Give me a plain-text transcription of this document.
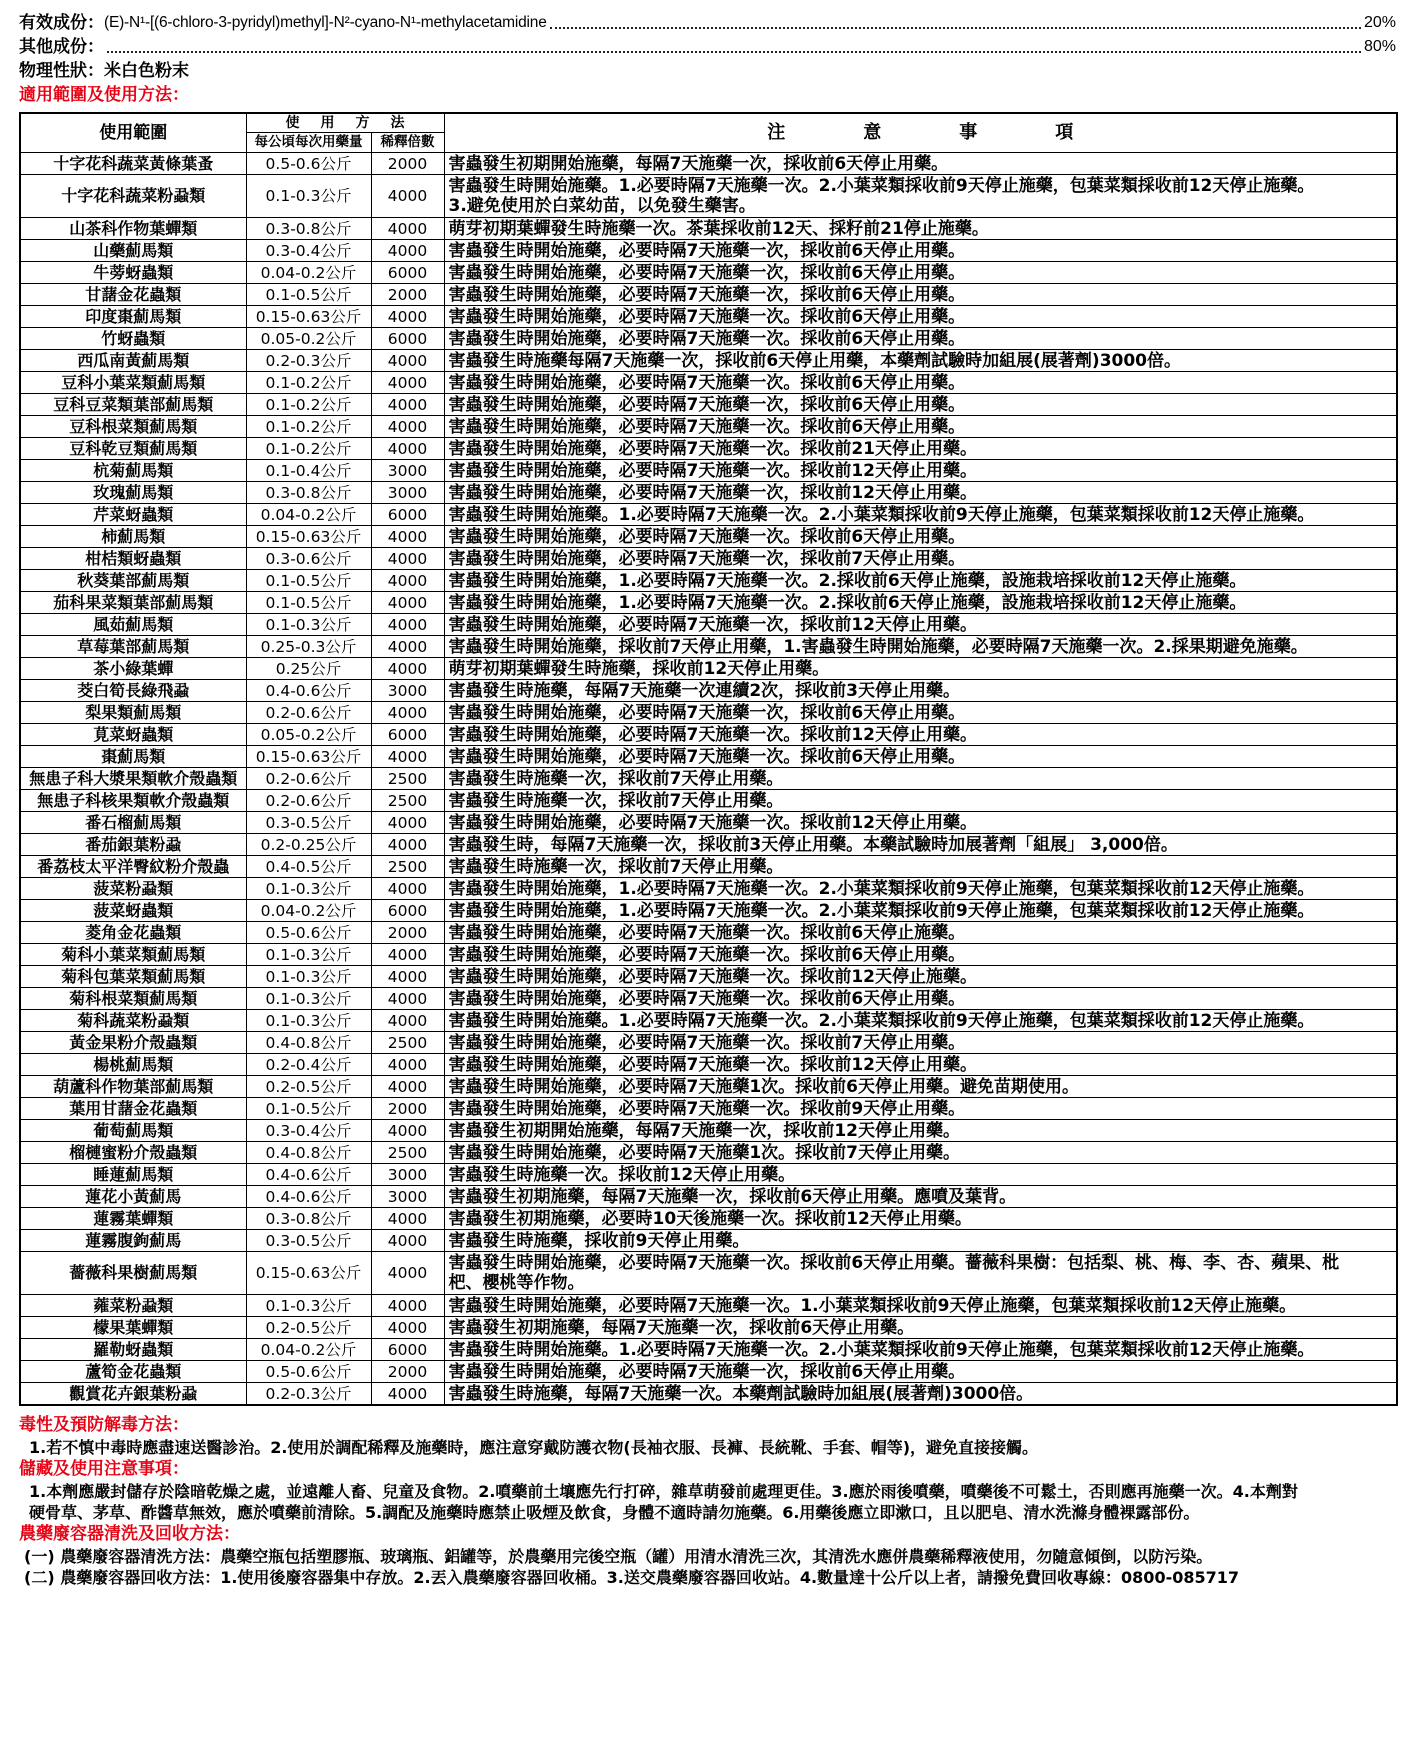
有效成份： (E)-N¹-[(6-chloro-3-pyridyl)methyl]-N²-cyano-N¹-methylacetamidine	20%
其他成份：	80%
物理性狀： 米白色粉末
適用範圍及使用方法：
使用範圍	使用方法		注意事項
	每公頃每次用藥量	稀釋倍數	
十字花科蔬菜黃條葉蚤	0.5-0.6公斤	2000	害蟲發生初期開始施藥，每隔7天施藥一次，採收前6天停止用藥。

十字花科蔬菜粉蝨類	0.1-0.3公斤	4000	害蟲發生時開始施藥。1.必要時隔7天施藥一次。2.小葉菜類採收前9天停止施藥，包葉菜類採收前12天停止施藥。
3.避免使用於白菜幼苗，以免發生藥害。

山茶科作物葉蟬類	0.3-0.8公斤	4000	萌芽初期葉蟬發生時施藥一次。茶葉採收前12天、採籽前21停止施藥。

山藥薊馬類	0.3-0.4公斤	4000	害蟲發生時開始施藥，必要時隔7天施藥一次，採收前6天停止用藥。

牛蒡蚜蟲類	0.04-0.2公斤	6000	害蟲發生時開始施藥，必要時隔7天施藥一次，採收前6天停止用藥。

甘藷金花蟲類	0.1-0.5公斤	2000	害蟲發生時開始施藥，必要時隔7天施藥一次，採收前6天停止用藥。

印度棗薊馬類	0.15-0.63公斤	4000	害蟲發生時開始施藥，必要時隔7天施藥一次。採收前6天停止用藥。

竹蚜蟲類	0.05-0.2公斤	6000	害蟲發生時開始施藥，必要時隔7天施藥一次。採收前6天停止用藥。

西瓜南黃薊馬類	0.2-0.3公斤	4000	害蟲發生時施藥每隔7天施藥一次，採收前6天停止用藥，本藥劑試驗時加組展(展著劑)3000倍。

豆科小葉菜類薊馬類	0.1-0.2公斤	4000	害蟲發生時開始施藥，必要時隔7天施藥一次。採收前6天停止用藥。

豆科豆菜類葉部薊馬類	0.1-0.2公斤	4000	害蟲發生時開始施藥，必要時隔7天施藥一次，採收前6天停止用藥。

豆科根菜類薊馬類	0.1-0.2公斤	4000	害蟲發生時開始施藥，必要時隔7天施藥一次。採收前6天停止用藥。

豆科乾豆類薊馬類	0.1-0.2公斤	4000	害蟲發生時開始施藥，必要時隔7天施藥一次。採收前21天停止用藥。

杭菊薊馬類	0.1-0.4公斤	3000	害蟲發生時開始施藥，必要時隔7天施藥一次。採收前12天停止用藥。

玫瑰薊馬類	0.3-0.8公斤	3000	害蟲發生時開始施藥，必要時隔7天施藥一次，採收前12天停止用藥。

芹菜蚜蟲類	0.04-0.2公斤	6000	害蟲發生時開始施藥。1.必要時隔7天施藥一次。2.小葉菜類採收前9天停止施藥，包葉菜類採收前12天停止施藥。

柿薊馬類	0.15-0.63公斤	4000	害蟲發生時開始施藥，必要時隔7天施藥一次。採收前6天停止用藥。

柑桔類蚜蟲類	0.3-0.6公斤	4000	害蟲發生時開始施藥，必要時隔7天施藥一次，採收前7天停止用藥。

秋葵葉部薊馬類	0.1-0.5公斤	4000	害蟲發生時開始施藥，1.必要時隔7天施藥一次。2.採收前6天停止施藥，設施栽培採收前12天停止施藥。

茄科果菜類葉部薊馬類	0.1-0.5公斤	4000	害蟲發生時開始施藥，1.必要時隔7天施藥一次。2.採收前6天停止施藥，設施栽培採收前12天停止施藥。

風茹薊馬類	0.1-0.3公斤	4000	害蟲發生時開始施藥，必要時隔7天施藥一次，採收前12天停止用藥。

草莓葉部薊馬類	0.25-0.3公斤	4000	害蟲發生時開始施藥，採收前7天停止用藥，1.害蟲發生時開始施藥，必要時隔7天施藥一次。2.採果期避免施藥。

茶小綠葉蟬	0.25公斤	4000	萌芽初期葉蟬發生時施藥，採收前12天停止用藥。

茭白筍長綠飛蝨	0.4-0.6公斤	3000	害蟲發生時施藥，每隔7天施藥一次連續2次，採收前3天停止用藥。

梨果類薊馬類	0.2-0.6公斤	4000	害蟲發生時開始施藥，必要時隔7天施藥一次，採收前6天停止用藥。

莧菜蚜蟲類	0.05-0.2公斤	6000	害蟲發生時開始施藥，必要時隔7天施藥一次。採收前12天停止用藥。

棗薊馬類	0.15-0.63公斤	4000	害蟲發生時開始施藥，必要時隔7天施藥一次。採收前6天停止用藥。

無患子科大漿果類軟介殼蟲類	0.2-0.6公斤	2500	害蟲發生時施藥一次，採收前7天停止用藥。

無患子科核果類軟介殼蟲類	0.2-0.6公斤	2500	害蟲發生時施藥一次，採收前7天停止用藥。

番石榴薊馬類	0.3-0.5公斤	4000	害蟲發生時開始施藥，必要時隔7天施藥一次。採收前12天停止用藥。

番茄銀葉粉蝨	0.2-0.25公斤	4000	害蟲發生時，每隔7天施藥一次，採收前3天停止用藥。本藥試驗時加展著劑「組展」 3,000倍。

番荔枝太平洋臀紋粉介殼蟲	0.4-0.5公斤	2500	害蟲發生時施藥一次，採收前7天停止用藥。

菠菜粉蝨類	0.1-0.3公斤	4000	害蟲發生時開始施藥，1.必要時隔7天施藥一次。2.小葉菜類採收前9天停止施藥，包葉菜類採收前12天停止施藥。

菠菜蚜蟲類	0.04-0.2公斤	6000	害蟲發生時開始施藥，1.必要時隔7天施藥一次。2.小葉菜類採收前9天停止施藥，包葉菜類採收前12天停止施藥。

菱角金花蟲類	0.5-0.6公斤	2000	害蟲發生時開始施藥，必要時隔7天施藥一次。採收前6天停止施藥。

菊科小葉菜類薊馬類	0.1-0.3公斤	4000	害蟲發生時開始施藥，必要時隔7天施藥一次。採收前6天停止用藥。

菊科包葉菜類薊馬類	0.1-0.3公斤	4000	害蟲發生時開始施藥，必要時隔7天施藥一次。採收前12天停止施藥。

菊科根菜類薊馬類	0.1-0.3公斤	4000	害蟲發生時開始施藥，必要時隔7天施藥一次。採收前6天停止用藥。

菊科蔬菜粉蝨類	0.1-0.3公斤	4000	害蟲發生時開始施藥。1.必要時隔7天施藥一次。2.小葉菜類採收前9天停止施藥，包葉菜類採收前12天停止施藥。

黃金果粉介殼蟲類	0.4-0.8公斤	2500	害蟲發生時開始施藥，必要時隔7天施藥一次。採收前7天停止用藥。

楊桃薊馬類	0.2-0.4公斤	4000	害蟲發生時開始施藥，必要時隔7天施藥一次。採收前12天停止用藥。

葫蘆科作物葉部薊馬類	0.2-0.5公斤	4000	害蟲發生時開始施藥，必要時隔7天施藥1次。採收前6天停止用藥。避免苗期使用。

葉用甘藷金花蟲類	0.1-0.5公斤	2000	害蟲發生時開始施藥，必要時隔7天施藥一次。採收前9天停止用藥。

葡萄薊馬類	0.3-0.4公斤	4000	害蟲發生初期開始施藥，每隔7天施藥一次，採收前12天停止用藥。

榴槤蜜粉介殼蟲類	0.4-0.8公斤	2500	害蟲發生時開始施藥，必要時隔7天施藥1次。採收前7天停止用藥。

睡蓮薊馬類	0.4-0.6公斤	3000	害蟲發生時施藥一次。採收前12天停止用藥。

蓮花小黃薊馬	0.4-0.6公斤	3000	害蟲發生初期施藥，每隔7天施藥一次，採收前6天停止用藥。應噴及葉背。

蓮霧葉蟬類	0.3-0.8公斤	4000	害蟲發生初期施藥，必要時10天後施藥一次。採收前12天停止用藥。

蓮霧腹鉤薊馬	0.3-0.5公斤	4000	害蟲發生時施藥，採收前9天停止用藥。

薔薇科果樹薊馬類	0.15-0.63公斤	4000	害蟲發生時開始施藥，必要時隔7天施藥一次。採收前6天停止用藥。薔薇科果樹：包括梨、桃、梅、李、杏、蘋果、枇
杷、櫻桃等作物。

蕹菜粉蝨類	0.1-0.3公斤	4000	害蟲發生時開始施藥，必要時隔7天施藥一次。1.小葉菜類採收前9天停止施藥，包葉菜類採收前12天停止施藥。

檬果葉蟬類	0.2-0.5公斤	4000	害蟲發生初期施藥，每隔7天施藥一次，採收前6天停止用藥。

羅勒蚜蟲類	0.04-0.2公斤	6000	害蟲發生時開始施藥。1.必要時隔7天施藥一次。2.小葉菜類採收前9天停止施藥，包葉菜類採收前12天停止施藥。

蘆筍金花蟲類	0.5-0.6公斤	2000	害蟲發生時開始施藥，必要時隔7天施藥一次，採收前6天停止用藥。

觀賞花卉銀葉粉蝨	0.2-0.3公斤	4000	害蟲發生時施藥，每隔7天施藥一次。本藥劑試驗時加組展(展著劑)3000倍。
毒性及預防解毒方法：
1.若不慎中毒時應盡速送醫診治。2.使用於調配稀釋及施藥時，應注意穿戴防護衣物(長袖衣服、長褲、長統靴、手套、帽等)，避免直接接觸。
儲藏及使用注意事項：
1.本劑應嚴封儲存於陰暗乾燥之處，並遠離人畜、兒童及食物。2.噴藥前土壤應先行打碎，雜草萌發前處理更佳。3.應於雨後噴藥，噴藥後不可鬆土，否則應再施藥一次。4.本劑對
硬骨草、茅草、酢醬草無效，應於噴藥前清除。5.調配及施藥時應禁止吸煙及飲食，身體不適時請勿施藥。6.用藥後應立即漱口，且以肥皂、清水洗滌身體裸露部份。
農藥廢容器清洗及回收方法：
(一) 農藥廢容器清洗方法：農藥空瓶包括塑膠瓶、玻璃瓶、鋁罐等，於農藥用完後空瓶（罐）用清水清洗三次，其清洗水應併農藥稀釋液使用，勿隨意傾倒，以防污染。
(二) 農藥廢容器回收方法：1.使用後廢容器集中存放。2.丟入農藥廢容器回收桶。3.送交農藥廢容器回收站。4.數量達十公斤以上者，請撥免費回收專線：0800-085717
